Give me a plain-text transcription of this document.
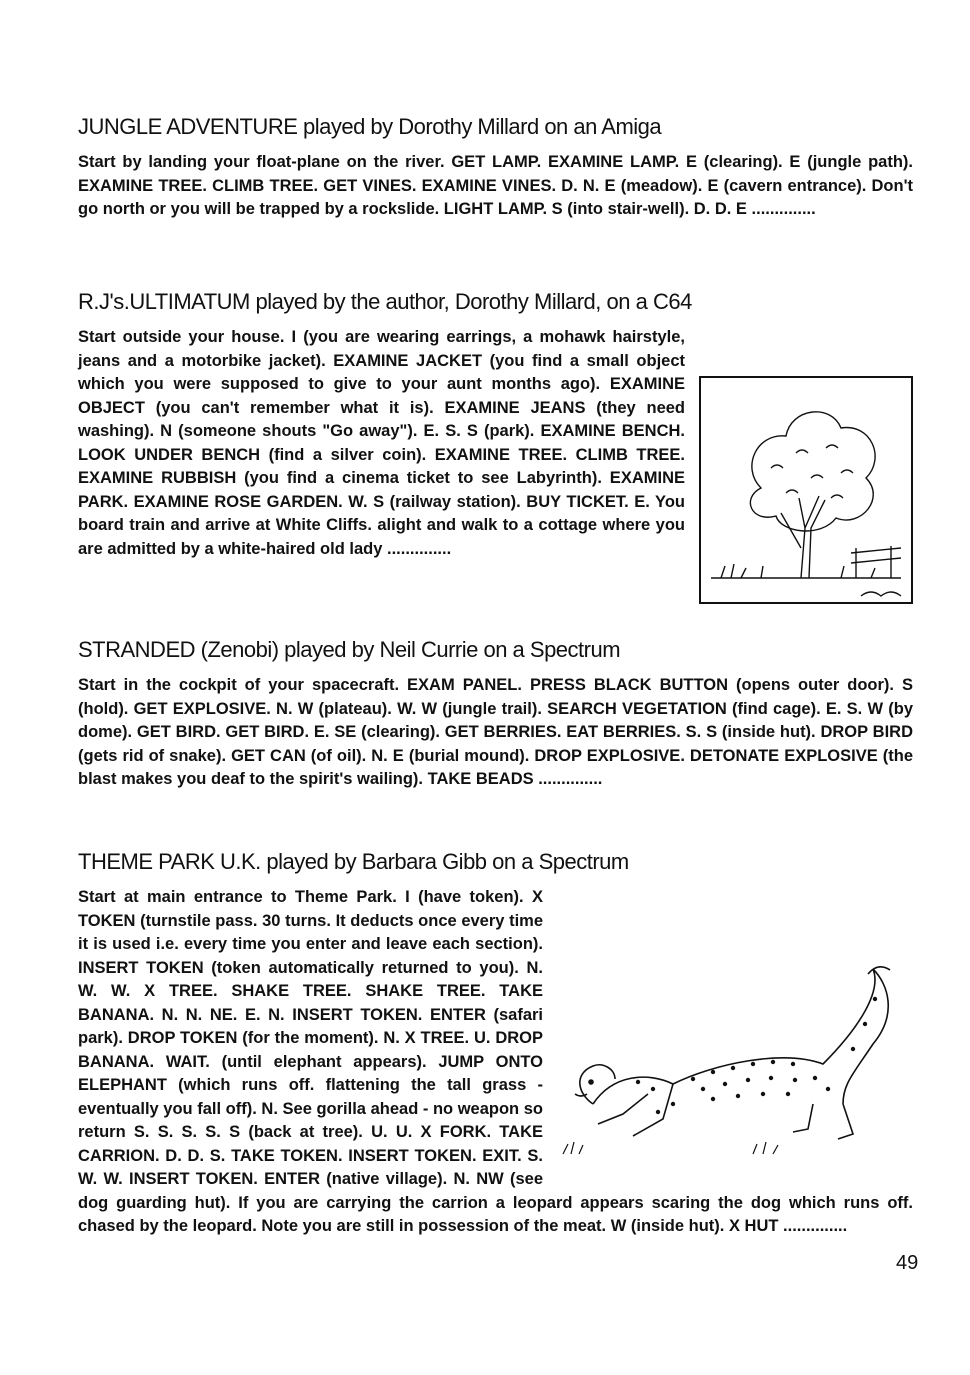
JUNGLE ADVENTURE played by Dorothy Millard on an Amiga

Start by landing your float-plane on the river. GET LAMP. EXAMINE LAMP. E (clearing). E (jungle path). EXAMINE TREE. CLIMB TREE. GET VINES. EXAMINE VINES. D. N. E (meadow). E (cavern entrance). Don't go north or you will be trapped by a rockslide. LIGHT LAMP. S (into stair-well). D. D. E ..............

R.J's.ULTIMATUM played by the author, Dorothy Millard, on a C64

Start outside your house. I (you are wearing earrings, a mohawk hairstyle, jeans and a motorbike jacket). EXAMINE JACKET (you find a small object which you were supposed to give to your aunt months ago). EXAMINE OBJECT (you can't remember what it is). EXAMINE JEANS (they need washing). N (someone shouts "Go away"). E. S. S (park). EXAMINE BENCH. LOOK UNDER BENCH (find a silver coin). EXAMINE TREE. CLIMB TREE. EXAMINE RUBBISH (you find a cinema ticket to see Labyrinth). EXAMINE PARK. EXAMINE ROSE GARDEN. W. S (railway station). BUY TICKET. E. You board train and arrive at White Cliffs. alight and walk to a cottage where you are admitted by a white-haired old lady ..............

STRANDED (Zenobi) played by Neil Currie on a Spectrum

Start in the cockpit of your spacecraft. EXAM PANEL. PRESS BLACK BUTTON (opens outer door). S (hold). GET EXPLOSIVE. N. W (plateau). W. W (jungle trail). SEARCH VEGETATION (find cage). E. S. W (by dome). GET BIRD. GET BIRD. E. SE (clearing). GET BERRIES. EAT BERRIES. S. S (inside hut). DROP BIRD (gets rid of snake). GET CAN (of oil). N. E (burial mound). DROP EXPLOSIVE. DETONATE EXPLOSIVE (the blast makes you deaf to the spirit's wailing). TAKE BEADS ..............

THEME PARK U.K. played by Barbara Gibb on a Spectrum

Start at main entrance to Theme Park. I (have token). X TOKEN (turnstile pass. 30 turns. It deducts once every time it is used i.e. every time you enter and leave each section). INSERT TOKEN (token automatically returned to you). N. W. W. X TREE. SHAKE TREE. SHAKE TREE. TAKE BANANA. N. N. NE. E. N. INSERT TOKEN. ENTER (safari park). DROP TOKEN (for the moment). N. X TREE. U. DROP BANANA. WAIT. (until elephant appears). JUMP ONTO ELEPHANT (which runs off. flattening the tall grass - eventually you fall off). N. See gorilla ahead - no weapon so return S. S. S. S. S (back at tree). U. U. X FORK. TAKE CARRION. D. D. S. TAKE TOKEN. INSERT TOKEN. EXIT. S. W. W. INSERT TOKEN. ENTER (native village). N. NW (see dog guarding hut). If you are carrying the carrion a leopard appears scaring the dog which runs off. chased by the leopard. Note you are still in possession of the meat. W (inside hut). X HUT ..............

49
